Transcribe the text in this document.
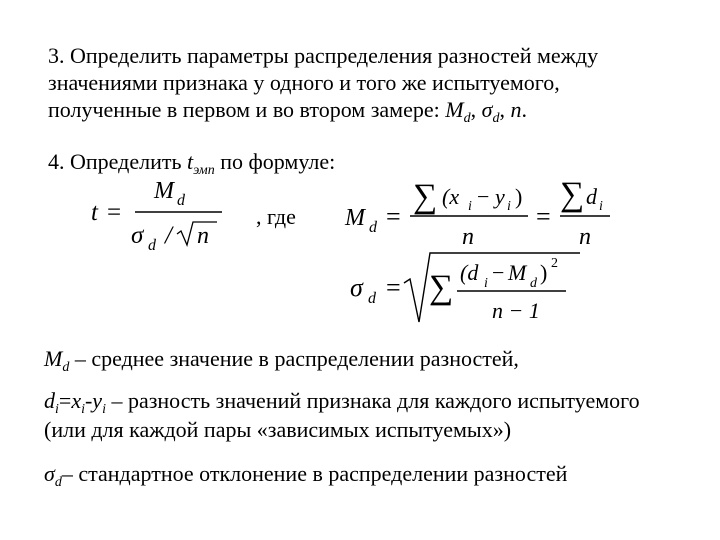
3. Определить параметры распределения разностей между
значениями признака у одного и того же испытуемого,
полученные в первом и во втором замере: $M_d$, $\sigma_d$, n.
4. Определить $t_{эмп}$ по формуле:
t =
M d
σ d / n
, где M d =
∑ (x i − y i )
n
=
∑ d i
n
σ d = ∑ (d i − M d ) 2
n − 1
$M_d$ – среднее значение в распределении разностей,
$d_i=x_i-y_i$ – разность значений признака для каждого испытуемого
(или для каждой пары «зависимых испытуемых»)
$\sigma_d-$ стандартное отклонение в распределении разностей
